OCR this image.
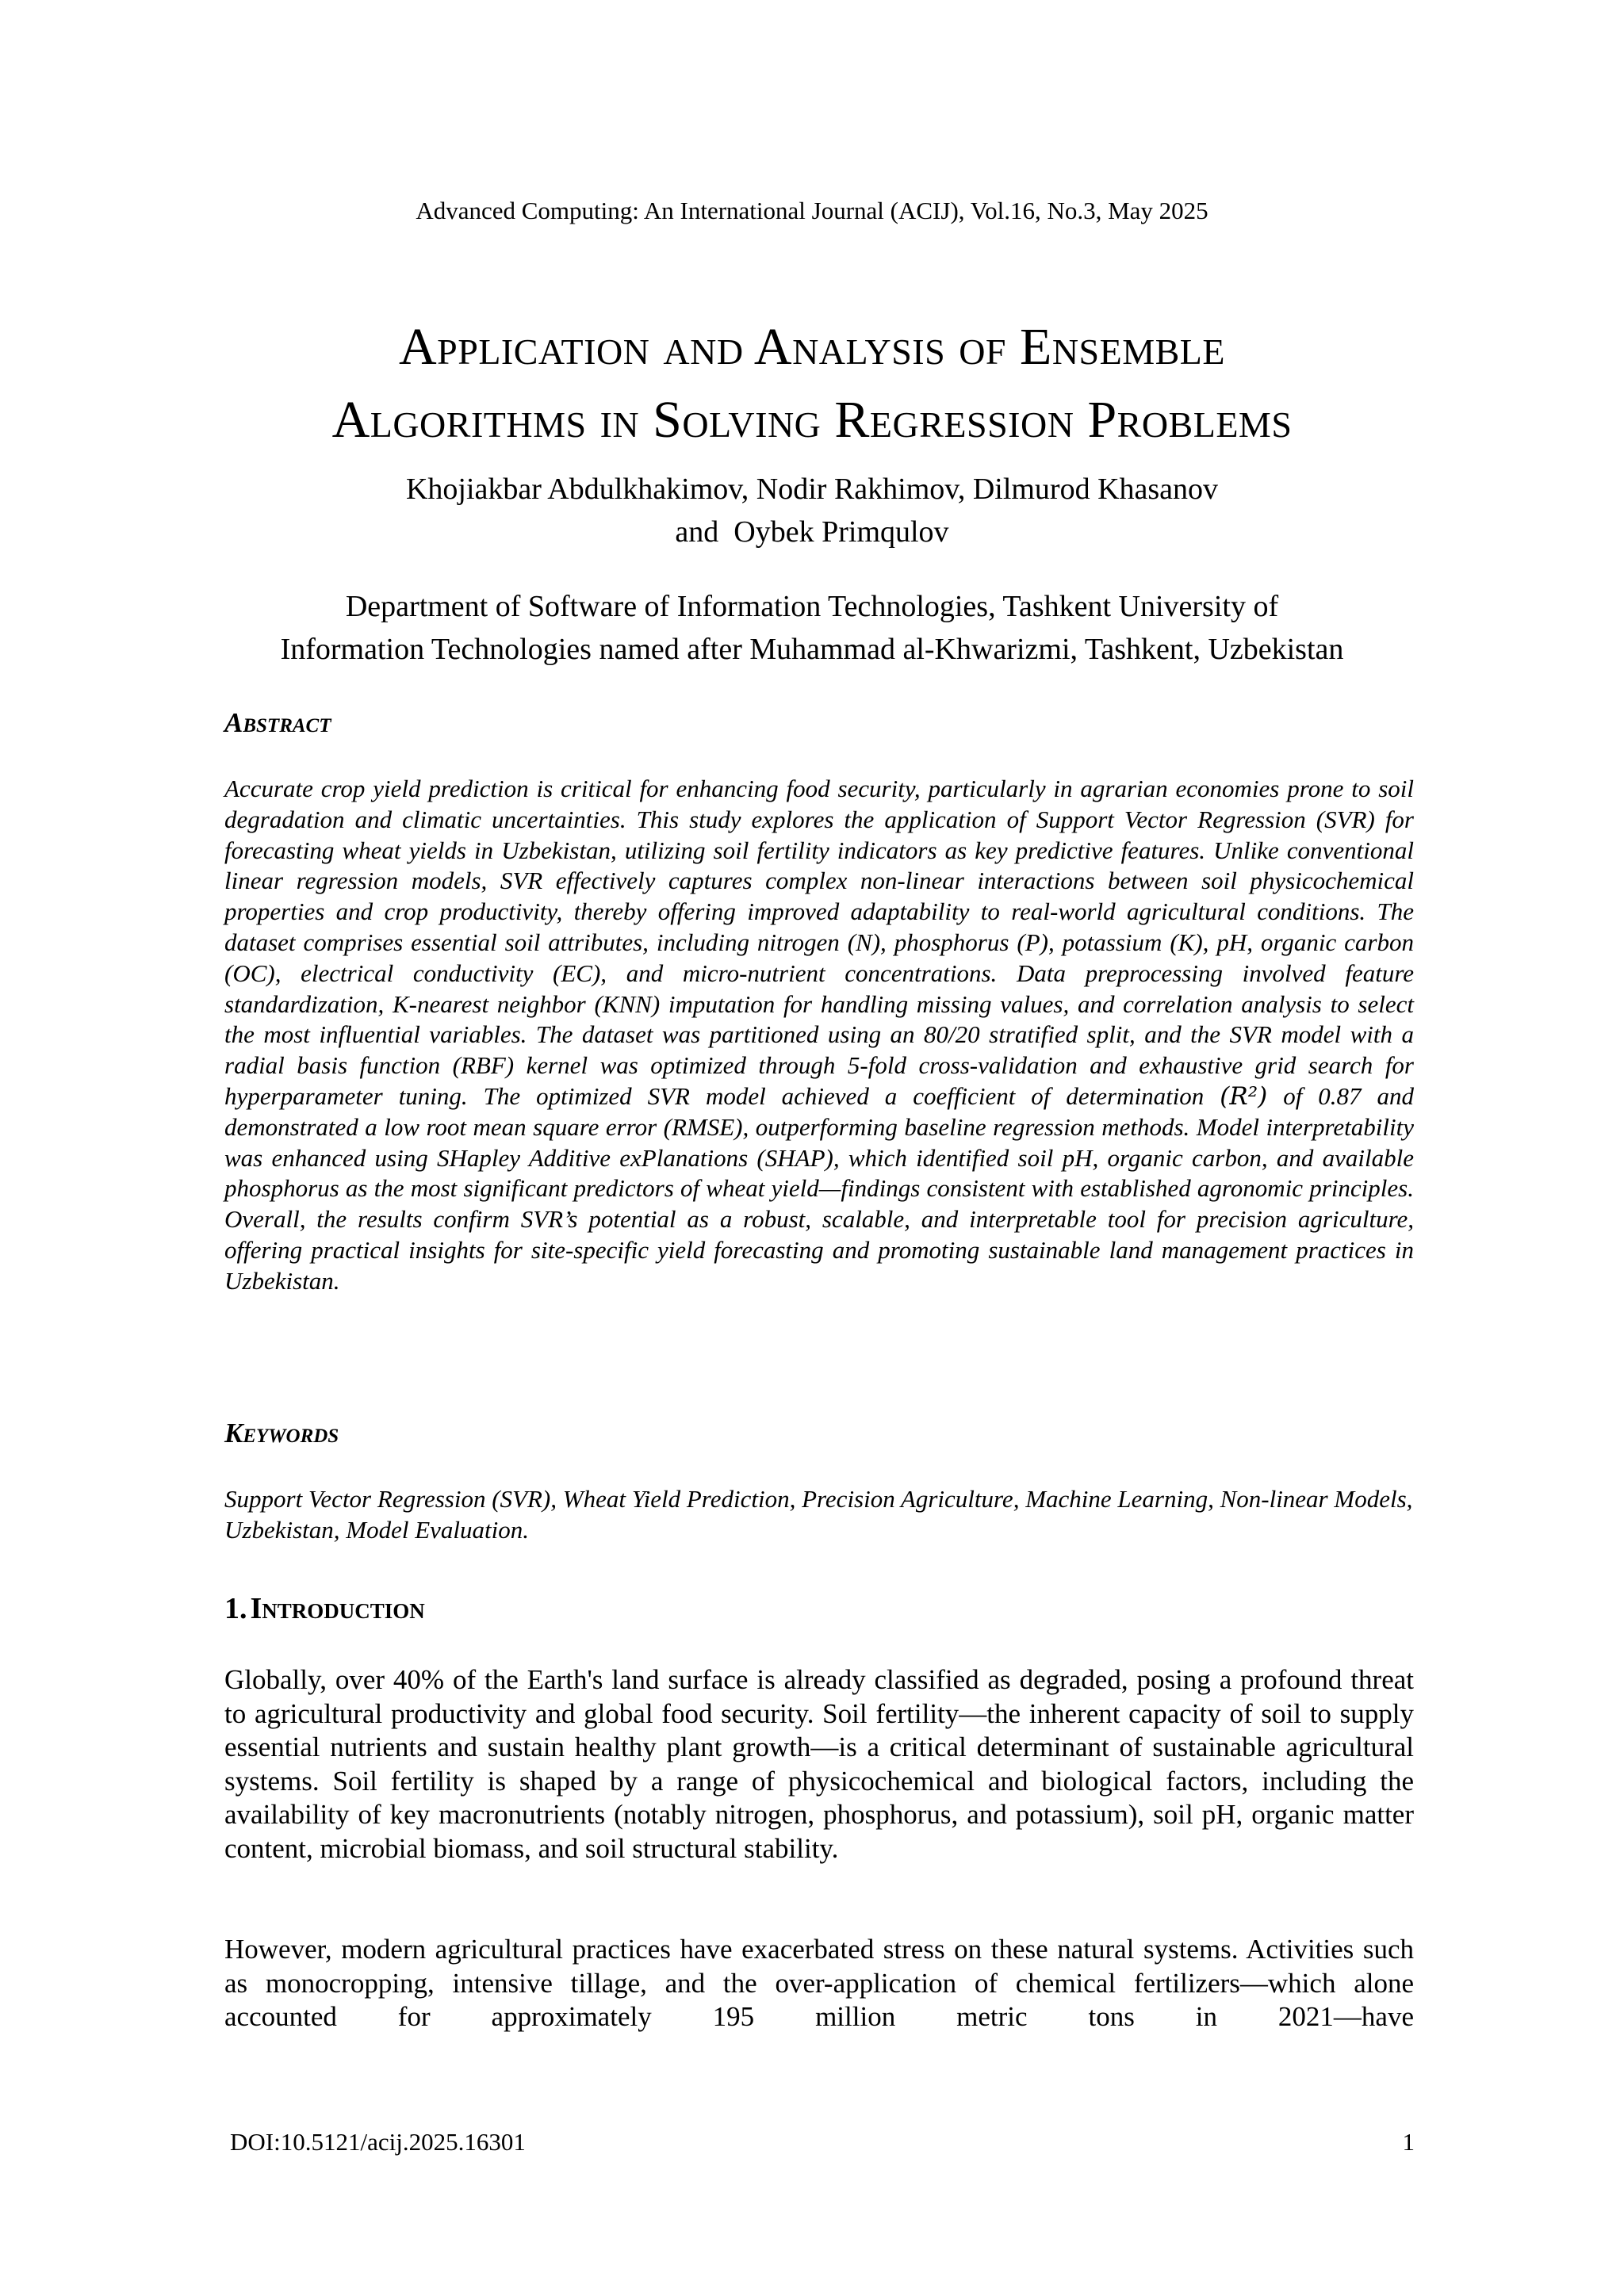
Advanced Computing: An International Journal (ACIJ), Vol.16, No.3, May 2025
Application and Analysis of Ensemble
Algorithms in Solving Regression Problems
Khojiakbar Abdulkhakimov, Nodir Rakhimov, Dilmurod Khasanov
and  Oybek Primqulov
Department of Software of Information Technologies, Tashkent University of
Information Technologies named after Muhammad al-Khwarizmi, Tashkent, Uzbekistan
Abstract
Accurate crop yield prediction is critical for enhancing food security, particularly in agrarian economies prone to soil degradation and climatic uncertainties. This study explores the application of Support Vector Regression (SVR) for forecasting wheat yields in Uzbekistan, utilizing soil fertility indicators as key predictive features. Unlike conventional linear regression models, SVR effectively captures complex non-linear interactions between soil physicochemical properties and crop productivity, thereby offering improved adaptability to real-world agricultural conditions. The dataset comprises essential soil attributes, including nitrogen (N), phosphorus (P), potassium (K), pH, organic carbon (OC), electrical conductivity (EC), and micro-nutrient concentrations. Data preprocessing involved feature standardization, K-nearest neighbor (KNN) imputation for handling missing values, and correlation analysis to select the most influential variables. The dataset was partitioned using an 80/20 stratified split, and the SVR model with a radial basis function (RBF) kernel was optimized through 5-fold cross-validation and exhaustive grid search for hyperparameter tuning. The optimized SVR model achieved a coefficient of determination (R²) of 0.87 and demonstrated a low root mean square error (RMSE), outperforming baseline regression methods. Model interpretability was enhanced using SHapley Additive exPlanations (SHAP), which identified soil pH, organic carbon, and available phosphorus as the most significant predictors of wheat yield—findings consistent with established agronomic principles. Overall, the results confirm SVR’s potential as a robust, scalable, and interpretable tool for precision agriculture, offering practical insights for site-specific yield forecasting and promoting sustainable land management practices in Uzbekistan.
Keywords
Support Vector Regression (SVR), Wheat Yield Prediction, Precision Agriculture, Machine Learning, Non-linear Models, Uzbekistan, Model Evaluation.
1. Introduction
Globally, over 40% of the Earth's land surface is already classified as degraded, posing a profound threat to agricultural productivity and global food security. Soil fertility—the inherent capacity of soil to supply essential nutrients and sustain healthy plant growth—is a critical determinant of sustainable agricultural systems. Soil fertility is shaped by a range of physicochemical and biological factors, including the availability of key macronutrients (notably nitrogen, phosphorus, and potassium), soil pH, organic matter content, microbial biomass, and soil structural stability.
However, modern agricultural practices have exacerbated stress on these natural systems. Activities such as monocropping, intensive tillage, and the over-application of chemical fertilizers—which alone accounted for approximately 195 million metric tons in 2021—have
DOI:10.5121/acij.2025.16301	1
